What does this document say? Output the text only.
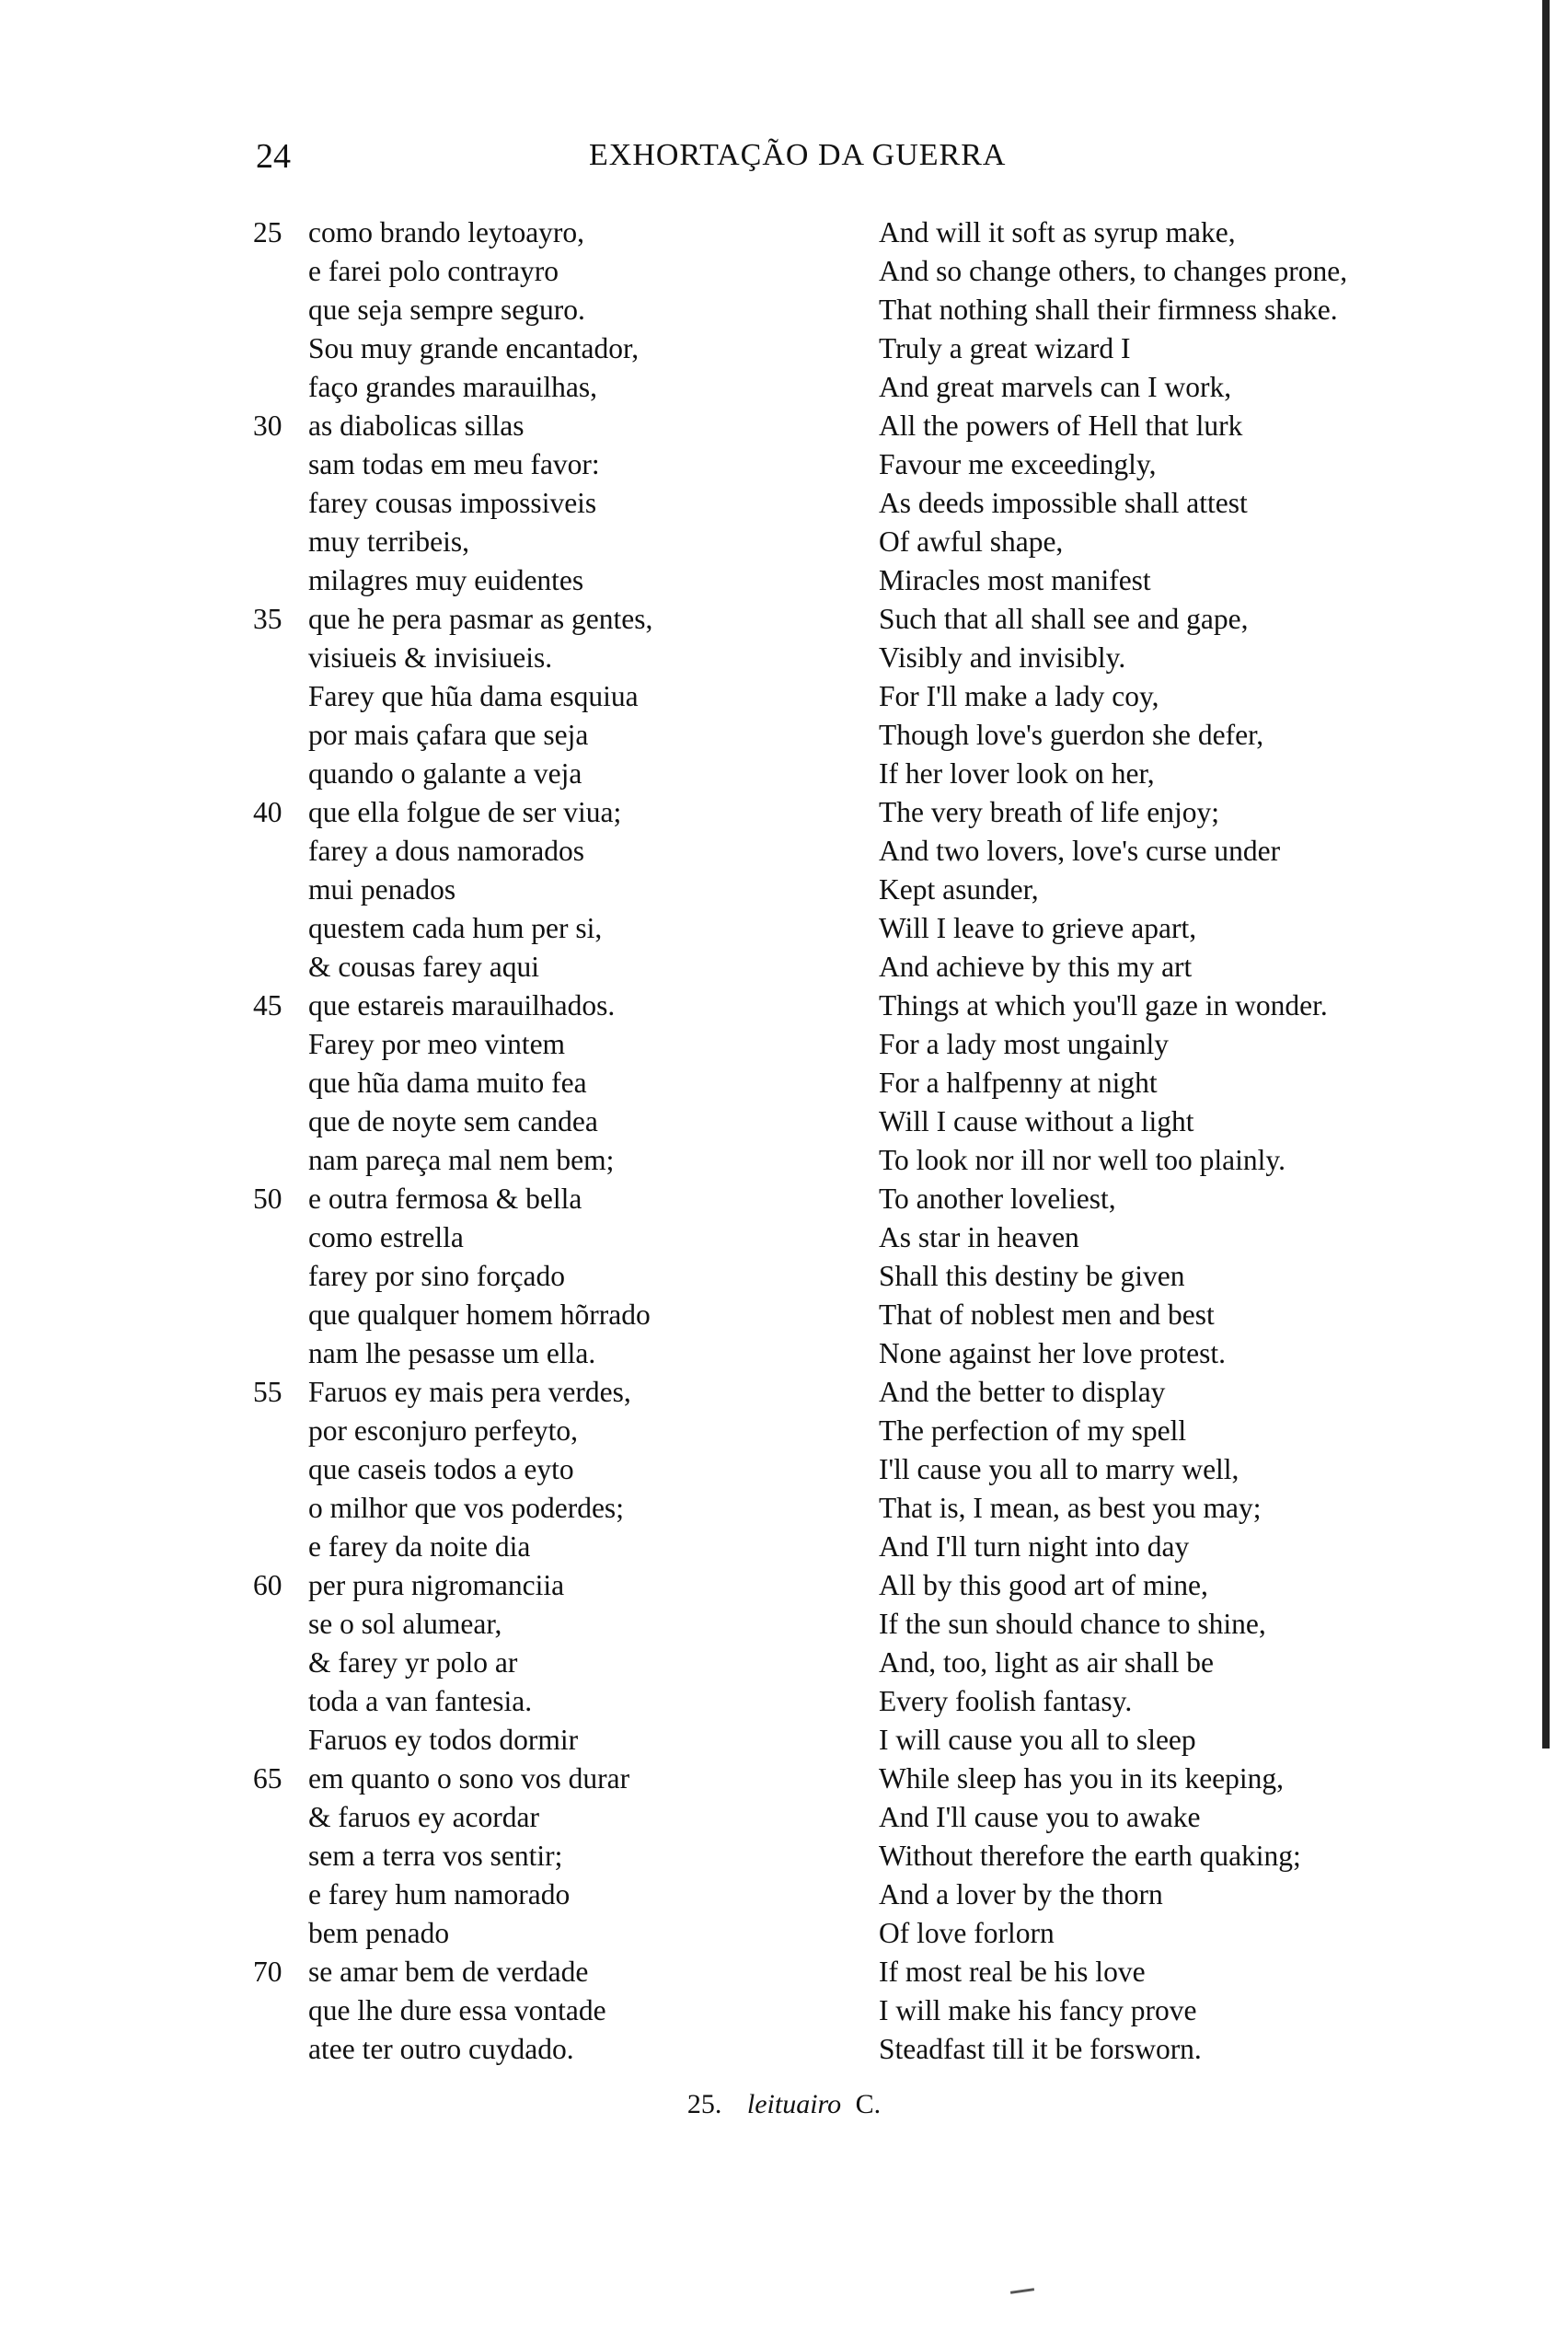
24	EXHORTAÇÃO DA GUERRA
25 como brando leytoayro,
e farei polo contrayro
que seja sempre seguro.
Sou muy grande encantador,
faço grandes marauilhas,
30 as diabolicas sillas
sam todas em meu favor:
farey cousas impossiveis
muy terribeis,
milagres muy euidentes
35 que he pera pasmar as gentes,
visiueis & invisiueis.
Farey que hũa dama esquiua
por mais çafara que seja
quando o galante a veja
40 que ella folgue de ser viua;
farey a dous namorados
mui penados
questem cada hum per si,
& cousas farey aqui
45 que estareis marauilhados.
Farey por meo vintem
que hũa dama muito fea
que de noyte sem candea
nam pareça mal nem bem;
50 e outra fermosa & bella
como estrella
farey por sino forçado
que qualquer homem hõrrado
nam lhe pesasse um ella.
55 Faruos ey mais pera verdes,
por esconjuro perfeyto,
que caseis todos a eyto
o milhor que vos poderdes;
e farey da noite dia
60 per pura nigromanciia
se o sol alumear,
& farey yr polo ar
toda a van fantesia.
Faruos ey todos dormir
65 em quanto o sono vos durar
& faruos ey acordar
sem a terra vos sentir;
e farey hum namorado
bem penado
70 se amar bem de verdade
que lhe dure essa vontade
atee ter outro cuydado.
And will it soft as syrup make,
And so change others, to changes prone,
That nothing shall their firmness shake.
Truly a great wizard I
And great marvels can I work,
All the powers of Hell that lurk
Favour me exceedingly,
As deeds impossible shall attest
Of awful shape,
Miracles most manifest
Such that all shall see and gape,
Visibly and invisibly.
For I'll make a lady coy,
Though love's guerdon she defer,
If her lover look on her,
The very breath of life enjoy;
And two lovers, love's curse under
Kept asunder,
Will I leave to grieve apart,
And achieve by this my art
Things at which you'll gaze in wonder.
For a lady most ungainly
For a halfpenny at night
Will I cause without a light
To look nor ill nor well too plainly.
To another loveliest,
As star in heaven
Shall this destiny be given
That of noblest men and best
None against her love protest.
And the better to display
The perfection of my spell
I'll cause you all to marry well,
That is, I mean, as best you may;
And I'll turn night into day
All by this good art of mine,
If the sun should chance to shine,
And, too, light as air shall be
Every foolish fantasy.
I will cause you all to sleep
While sleep has you in its keeping,
And I'll cause you to awake
Without therefore the earth quaking;
And a lover by the thorn
Of love forlorn
If most real be his love
I will make his fancy prove
Steadfast till it be forsworn.
25. leituairo C.
